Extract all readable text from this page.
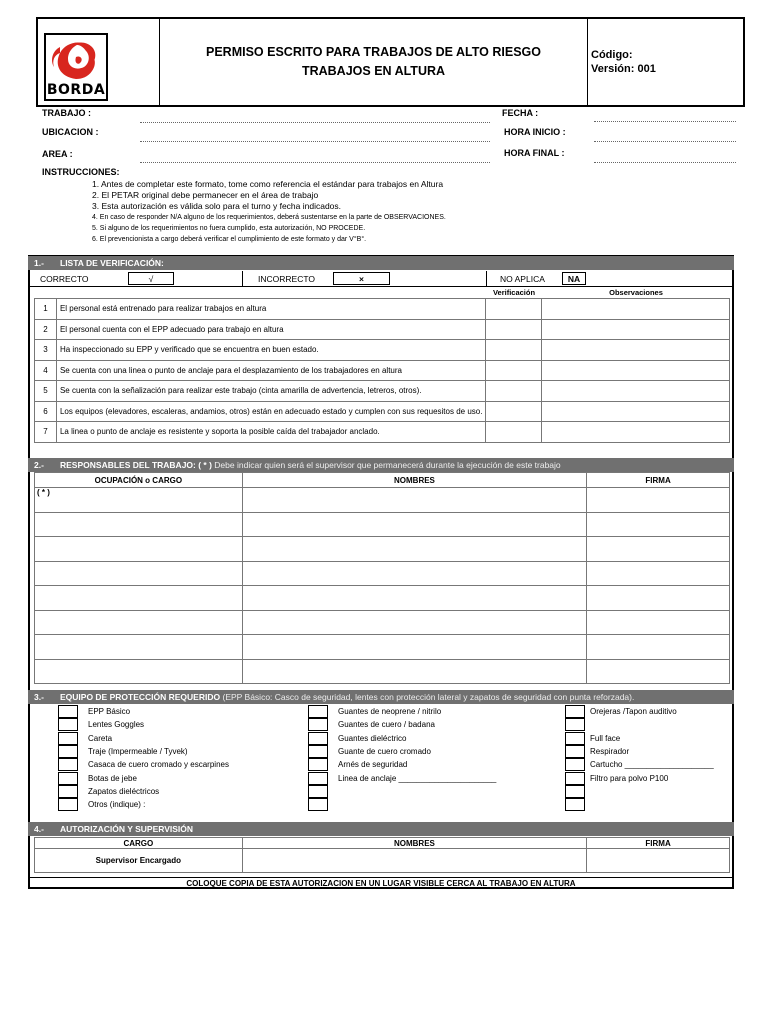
BORDA
PERMISO ESCRITO PARA TRABAJOS DE ALTO RIESGO TRABAJOS EN ALTURA
Código:
Versión: 001
TRABAJO :
UBICACION :
AREA :
FECHA :
HORA INICIO :
HORA FINAL :
INSTRUCCIONES:
1. Antes de completar este formato, tome como referencia el estándar para trabajos en Altura
2. El PETAR original debe permanecer en el área de trabajo
3. Esta autorización es válida solo para el turno y fecha indicados.
4. En caso de responder N/A alguno de los requerimientos, deberá sustentarse en la parte de OBSERVACIONES.
5. Si alguno de los requerimientos no fuera cumplido, esta autorización, NO PROCEDE.
6. El prevencionista a cargo deberá verificar el cumplimiento de este formato y dar V°B°.
1.- LISTA DE VERIFICACIÓN:
CORRECTO	√	INCORRECTO	×	NO APLICA	NA
Verificación	Observaciones
1	El personal está entrenado para realizar trabajos en altura		
2	El personal cuenta con el EPP adecuado para trabajo en altura		
3	Ha inspeccionado su EPP y verificado que se encuentra en buen estado.		
4	Se cuenta con una linea o punto de anclaje para el desplazamiento de los trabajadores en altura		
5	Se cuenta con la señalización para realizar este trabajo (cinta amarilla de advertencia, letreros, otros).		
6	Los equipos (elevadores, escaleras, andamios, otros) están en adecuado estado y cumplen con sus requesitos de uso.		
7	La linea o punto de anclaje es resistente y soporta la posible caída del trabajador anclado.		
2.- RESPONSABLES DEL TRABAJO: ( * ) Debe indicar quien será el supervisor que permanecerá durante la ejecución de este trabajo
OCUPACIÓN o CARGO	NOMBRES	FIRMA
( * )		

3.- EQUIPO DE PROTECCIÓN REQUERIDO (EPP Básico: Casco de seguridad, lentes con protección lateral y zapatos de seguridad con punta reforzada).
EPP Básico
Lentes Goggles
Careta
Traje (Impermeable / Tyvek)
Casaca de cuero cromado y escarpines
Botas de jebe
Zapatos dieléctricos
Otros (indique) :
Guantes de neoprene / nitrilo
Guantes de cuero / badana
Guantes dieléctrico
Guante de cuero cromado
Arnés de seguridad
Linea de anclaje ______________________
Orejeras /Tapon auditivo
Full face
Respirador
Cartucho ____________________
Filtro para polvo P100
4.- AUTORIZACIÓN Y SUPERVISIÓN
CARGO	NOMBRES	FIRMA
Supervisor Encargado		
COLOQUE COPIA DE ESTA AUTORIZACION EN UN LUGAR VISIBLE CERCA AL TRABAJO EN ALTURA
